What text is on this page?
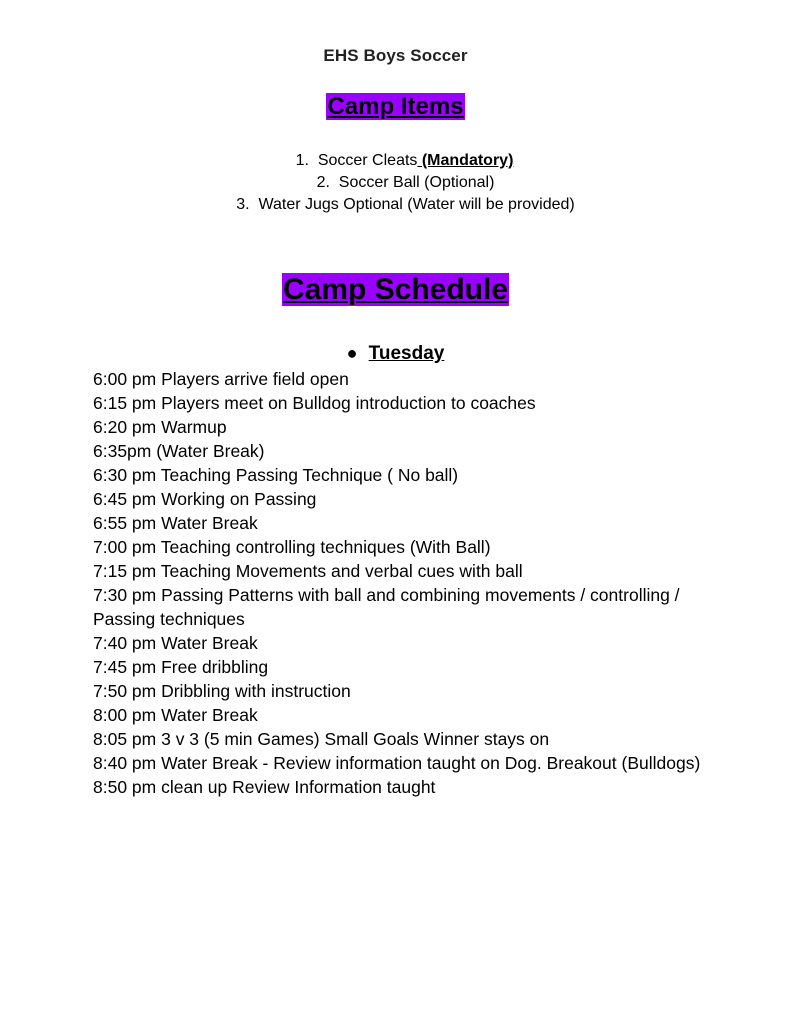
EHS Boys Soccer
Camp Items
1. Soccer Cleats (Mandatory)
2. Soccer Ball (Optional)
3. Water Jugs Optional (Water will be provided)
Camp Schedule
● Tuesday
6:00 pm Players arrive field open
6:15 pm Players meet on Bulldog introduction to coaches
6:20 pm Warmup
6:35pm (Water Break)
6:30 pm Teaching Passing Technique ( No ball)
6:45 pm Working on Passing
6:55 pm Water Break
7:00 pm Teaching controlling techniques (With Ball)
7:15 pm Teaching Movements and verbal cues with ball
7:30 pm Passing Patterns with ball and combining movements / controlling / Passing techniques
7:40 pm Water Break
7:45 pm Free dribbling
7:50 pm Dribbling with instruction
8:00 pm Water Break
8:05 pm 3 v 3 (5 min Games) Small Goals Winner stays on
8:40 pm Water Break - Review information taught on Dog. Breakout (Bulldogs)
8:50 pm clean up Review Information taught
